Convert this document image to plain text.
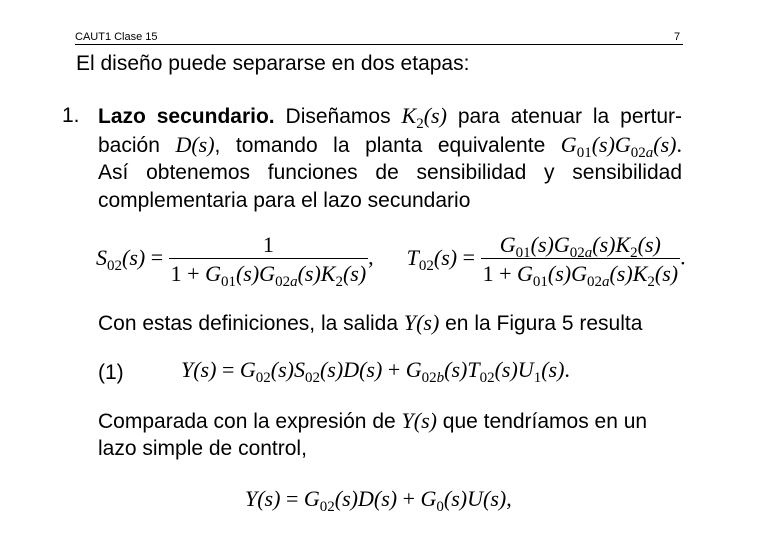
CAUT1 Clase 15	7
El diseño puede separarse en dos etapas:
1. Lazo secundario. Diseñamos $K_2(s)$ para atenuar la pertur-
bación D(s), tomando la planta equivalente $G_{01}(s)G_{02a}(s)$.
Así obtenemos funciones de sensibilidad y sensibilidad
complementaria para el lazo secundario
$S_{02}(s) = \frac{1}{1 + G_{01}(s)G_{02a}(s)K_2(s)}$ , $T_{02}(s) = \frac{G_{01}(s)G_{02a}(s)K_2(s)}{1 + G_{01}(s)G_{02a}(s)K_2(s)}$ .
Con estas definiciones, la salida Y(s) en la Figura 5 resulta
(1)	$Y(s) = G_{02}(s)S_{02}(s)D(s) + G_{02b}(s)T_{02}(s)U_1(s)$.
Comparada con la expresión de Y(s) que tendríamos en un
lazo simple de control,
$Y(s) = G_{02}(s)D(s) + G_0(s)U(s)$,
